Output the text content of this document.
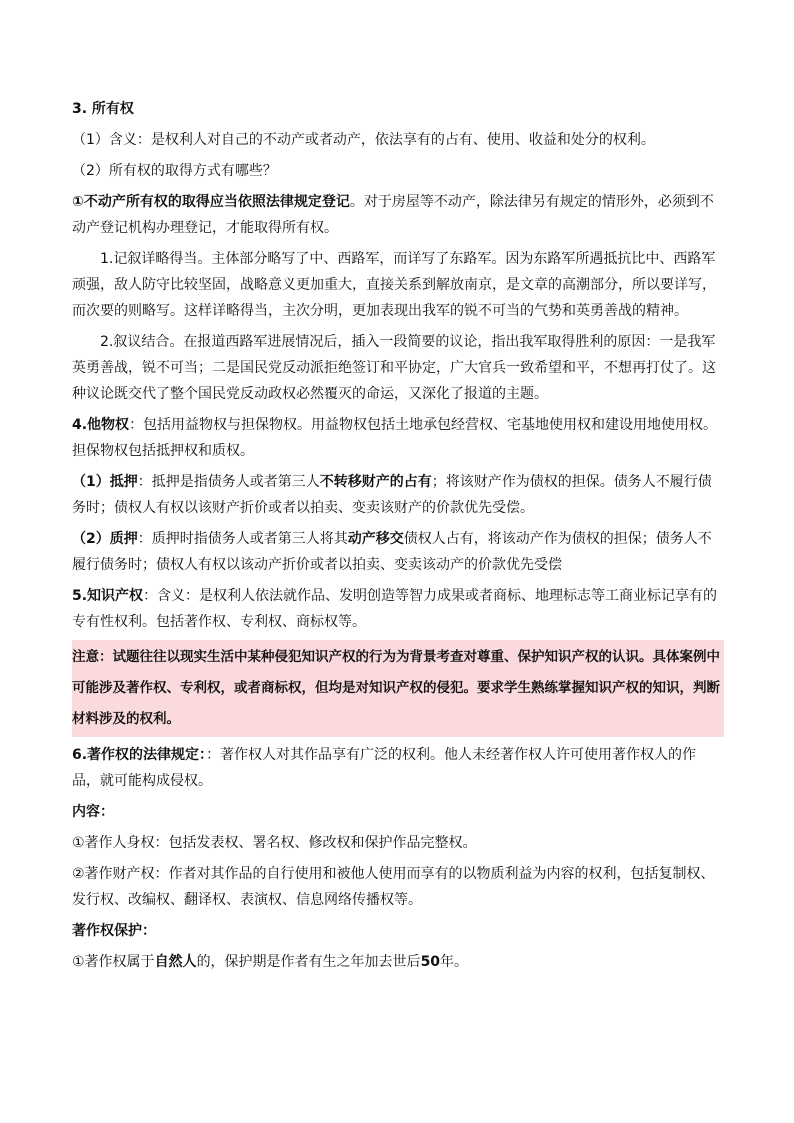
3. 所有权
（1）含义：是权利人对自己的不动产或者动产，依法享有的占有、使用、收益和处分的权利。
（2）所有权的取得方式有哪些？
①不动产所有权的取得应当依照法律规定登记。对于房屋等不动产，除法律另有规定的情形外，必须到不动产登记机构办理登记，才能取得所有权。
1.记叙详略得当。主体部分略写了中、西路军，而详写了东路军。因为东路军所遇抵抗比中、西路军顽强，敌人防守比较坚固，战略意义更加重大，直接关系到解放南京，是文章的高潮部分，所以要详写，而次要的则略写。这样详略得当，主次分明，更加表现出我军的锐不可当的气势和英勇善战的精神。
2.叙议结合。在报道西路军进展情况后，插入一段简要的议论，指出我军取得胜利的原因：一是我军英勇善战，锐不可当；二是国民党反动派拒绝签订和平协定，广大官兵一致希望和平，不想再打仗了。这种议论既交代了整个国民党反动政权必然覆灭的命运，又深化了报道的主题。
4.他物权：包括用益物权与担保物权。用益物权包括土地承包经营权、宅基地使用权和建设用地使用权。担保物权包括抵押权和质权。
（1）抵押：抵押是指债务人或者第三人不转移财产的占有；将该财产作为债权的担保。债务人不履行债务时；债权人有权以该财产折价或者以拍卖、变卖该财产的价款优先受偿。
（2）质押：质押时指债务人或者第三人将其动产移交债权人占有，将该动产作为债权的担保；债务人不履行债务时；债权人有权以该动产折价或者以拍卖、变卖该动产的价款优先受偿
5.知识产权：含义：是权利人依法就作品、发明创造等智力成果或者商标、地理标志等工商业标记享有的专有性权利。包括著作权、专利权、商标权等。
注意：试题往往以现实生活中某种侵犯知识产权的行为为背景考查对尊重、保护知识产权的认识。具体案例中可能涉及著作权、专利权，或者商标权，但均是对知识产权的侵犯。要求学生熟练掌握知识产权的知识，判断材料涉及的权利。
6.著作权的法律规定：：著作权人对其作品享有广泛的权利。他人未经著作权人许可使用著作权人的作品，就可能构成侵权。
内容：
①著作人身权：包括发表权、署名权、修改权和保护作品完整权。
②著作财产权：作者对其作品的自行使用和被他人使用而享有的以物质利益为内容的权利，包括复制权、发行权、改编权、翻译权、表演权、信息网络传播权等。
著作权保护：
①著作权属于自然人的，保护期是作者有生之年加去世后50年。
